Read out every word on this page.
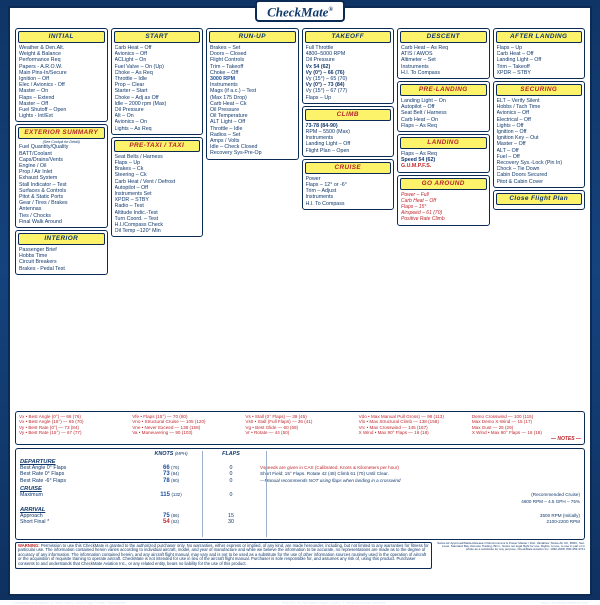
CheckMate®
INITIAL
Weather & Den.Alt.
Weight & Balance
Performance Req
Papers - A.R.O.W.
Main Pins-In/Secure
Ignition – Off
Elec / Avionics - Off
Master – On
Flaps – Extend
Master – Off
Fuel Shutoff – Open
Lights - Int/Ext
EXTERIOR SUMMARY
(See Cockpit for Detail)
Fuel Quantity/Quality
BATT/Coolant
Caps/Drains/Vents
Engine / Oil
Prop / Air Inlet
Exhaust System
Stall Indicator – Test
Surfaces & Controls
Pitot & Static Ports
Gear / Tires / Brakes
Antennas
Ties / Chocks
Final Walk Around
INTERIOR
Passenger Brief
Hobbs Time
Circuit Breakers
Brakes - Pedal Test
START
Carb Heat – Off
Avionics – Off
ACLight – On
Fuel Valve – On (Up)
Choke – As Req
Throttle – Idle
Prop – Clear
Starter – Start
Choke – Adj as Off
Idle – 2000 rpm (Max)
Oil Pressure
Alt – On
Avionics – On
Lights – As Req
PRE-TAXI / TAXI
Seat Belts / Harness
Flaps – Up
Brakes – Ck
Steering – Ck
Carb Heat / Vent / Defrost
Autopilot – Off
Instruments Set
XPDR – STBY
Radio – Test
Altitude Indic.-Test
Turn Coord. – Test
H.I./Compass Check
Oil Temp –120° Min
RUN-UP
Brakes – Set
Doors – Closed
Flight Controls
Trim – Takeoff
Choke – Off
3000 RPM
Instruments
Mags (if a.c.) – Test
(Max 175 Drop)
Carb Heat – Ck
Oil Pressure
Oil Temperature
ALT Light – Off
Throttle – Idle
Radios – Set
Amps / Volts
Idle – Check Closed
Recovery Sys-Pre-Op
TAKEOFF
Full Throttle
4800–5000 RPM
Oil Pressure
Vx 54 (62)
Vy (0°) – 66 (76)
Vy (15°) – 65 (70)
Vy (0°) – 73 (84)
Vy (15°) – 67 (77)
Flaps – Up
CLIMB
73-78 (84-90)
RPM – 5500 (Max)
Instruments
Landing Light – Off
Flight Plan – Open
CRUISE
Power
Flaps – 12° or -6°
Trim – Adjust
Instruments
H.I. To Compass
DESCENT
Carb Heat – As Req
ATIS / AWOS
Altimeter – Set
Instruments
H.I. To Compass
PRE-LANDING
Landing Light – On
Autopilot – Off
Seat Belt / Harness
Carb Heat – On
Flaps – As Req
LANDING
Flaps – As Req
Speed 54 (62)
G.U.M.P.F.S.
GO AROUND
Power – Full
Carb Heat – Off
Flaps – 15°
Airspeed – 61 (70)
Positive Rate Climb
AFTER LANDING
Flaps – Up
Carb Heat – Off
Landing Light – Off
Trim – Takeoff
XPDR – STBY
SECURING
ELT – Verify Silent
Hobbs / Tach Time
Avionics – Off
Electrical – Off
Lights – Off
Ignition – Off
Ignition Key – Out
Master – Off
ALT – Off
Fuel – Off
Recovery Sys.-Lock (Pin In)
Chock – Tie Down
Cabin Doors Secured
Pitot & Cabin Cover
Close Flight Plan
Vx • Best Angle (0°) — 66 (76)
Vx • Best Angle (15°) — 65 (70)
Vy • Best Rate (0°) — 73 (84)
Vy • Best Rate (15°) — 67 (77)
Vfe • Flaps (15°) — 70 (80)
Vno • Structural Cruise — 105 (120)
Vne • Never Exceed — 138 (158)
Va • Maneuvering — 90 (103)
Vs • Stall (0° Flaps) — 39 (45)
Vs0 • Stall (Full Flaps) — 36 (41)
Vg • Best Glide — 60 (69)
Vr • Rotate — 44 (50)
Vdo • Max Manual Pull Gross) — 98 (113)
Vlo • Max Structural Climb — 138 (158)
Vrc • Max Crosswind — 145 (167)
X Wind • Max 90° Flaps — 16 (18)
Demo Crosswind — 100 (115)
Max Demo X-Wind — 15 (17)
Max Gust — 25 (29)
X Wind • Max 90° Flaps — 16 (18)
— NOTES —
KNOTS (MPH)	FLAPS
DEPARTURE
Best Angle 0° Flaps	66 (76)	0	Vspeeds are given in CAS (Calibrated, Knots & Kilometers per hour)
Best Rate 0° Flaps	73 (84)	0	Short Field: 15° Flaps. Rotate 42 (48) Climb 61 (70) Until Clear.
Best Rate -6° Flaps	78 (90)	0	—Manual recommends NOT using flaps when landing in a crosswind
CRUISE
Maximum	115 (132)	0	(Recommended Cruise)
4600 RPM – 4.5 GPH – 75%
ARRIVAL
Approach	75 (86)	15	3500 RPM (Initially)
Short Final *	54 (62)	30	2100-2200 RPM
WARNING: Permission to use this CheckMate is granted to the authorized purchaser only. No warranties, either express or implied, of any kind, are made hereunder, including, but not limited to any warranties for fitness for particular use. The information contained herein varies according to individual aircraft, model, and year of manufacture and while we believe the information to be accurate, no representations are made as to the degree of accuracy of any information. The information contained herein, and any aircraft flight manual, may vary and is not to be used as a substitute for the use of other information sources routinely used in the operation of aircraft or the acquisition of requisite training to operate aircraft. CheckMate is not intended for use in lieu of the aircraft flight manual. Purchaser is sole responsible for, and assumes any risk of, using this product. Purchaser consents to and understands that CheckMate Aviation Inc., or any related entity, bears no liability for the use of this product.
Swiss-Air Approved/Made-Release Of Environment & Power Master / Dist. Variables: Swiss-Air UK, B/MC, Sec. Level, Standard Bay, Remote Trading, Birm., Notes not legal flight for use. Rights, to use, to use in part or in whole as a substitute for any purpose. CheckMate Aviation Inc. 1992-2008, 800-359-3741
CheckMate is Available in Three Sizes • Multi-Page Pocket "CheckMate"	PLEASE Do Not Make Illegal Copies. © Hurts Everyone Involved.	www.CheckMateAviation.com
